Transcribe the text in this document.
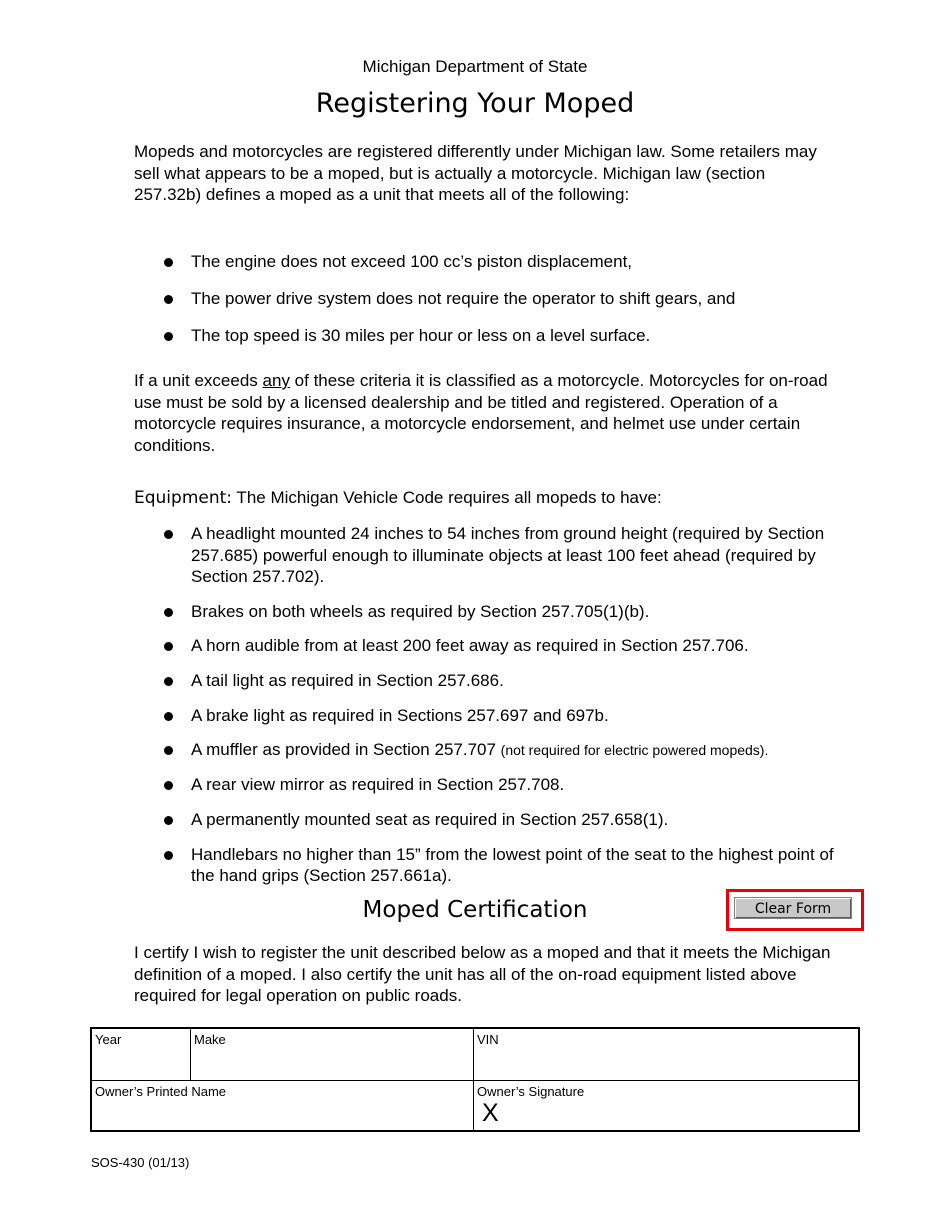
Michigan Department of State
Registering Your Moped
Mopeds and motorcycles are registered differently under Michigan law. Some retailers may sell what appears to be a moped, but is actually a motorcycle. Michigan law (section 257.32b) defines a moped as a unit that meets all of the following:
The engine does not exceed 100 cc’s piston displacement,
The power drive system does not require the operator to shift gears, and
The top speed is 30 miles per hour or less on a level surface.
If a unit exceeds any of these criteria it is classified as a motorcycle. Motorcycles for on-road use must be sold by a licensed dealership and be titled and registered. Operation of a motorcycle requires insurance, a motorcycle endorsement, and helmet use under certain conditions.
Equipment: The Michigan Vehicle Code requires all mopeds to have:
A headlight mounted 24 inches to 54 inches from ground height (required by Section 257.685) powerful enough to illuminate objects at least 100 feet ahead (required by Section 257.702).
Brakes on both wheels as required by Section 257.705(1)(b).
A horn audible from at least 200 feet away as required in Section 257.706.
A tail light as required in Section 257.686.
A brake light as required in Sections 257.697 and 697b.
A muffler as provided in Section 257.707 (not required for electric powered mopeds).
A rear view mirror as required in Section 257.708.
A permanently mounted seat as required in Section 257.658(1).
Handlebars no higher than 15” from the lowest point of the seat to the highest point of the hand grips (Section 257.661a).
Moped Certification	Clear Form
I certify I wish to register the unit described below as a moped and that it meets the Michigan definition of a moped. I also certify the unit has all of the on-road equipment listed above required for legal operation on public roads.
Year	Make	VIN
Owner’s Printed Name	Owner’s Signature
X
SOS-430 (01/13)
